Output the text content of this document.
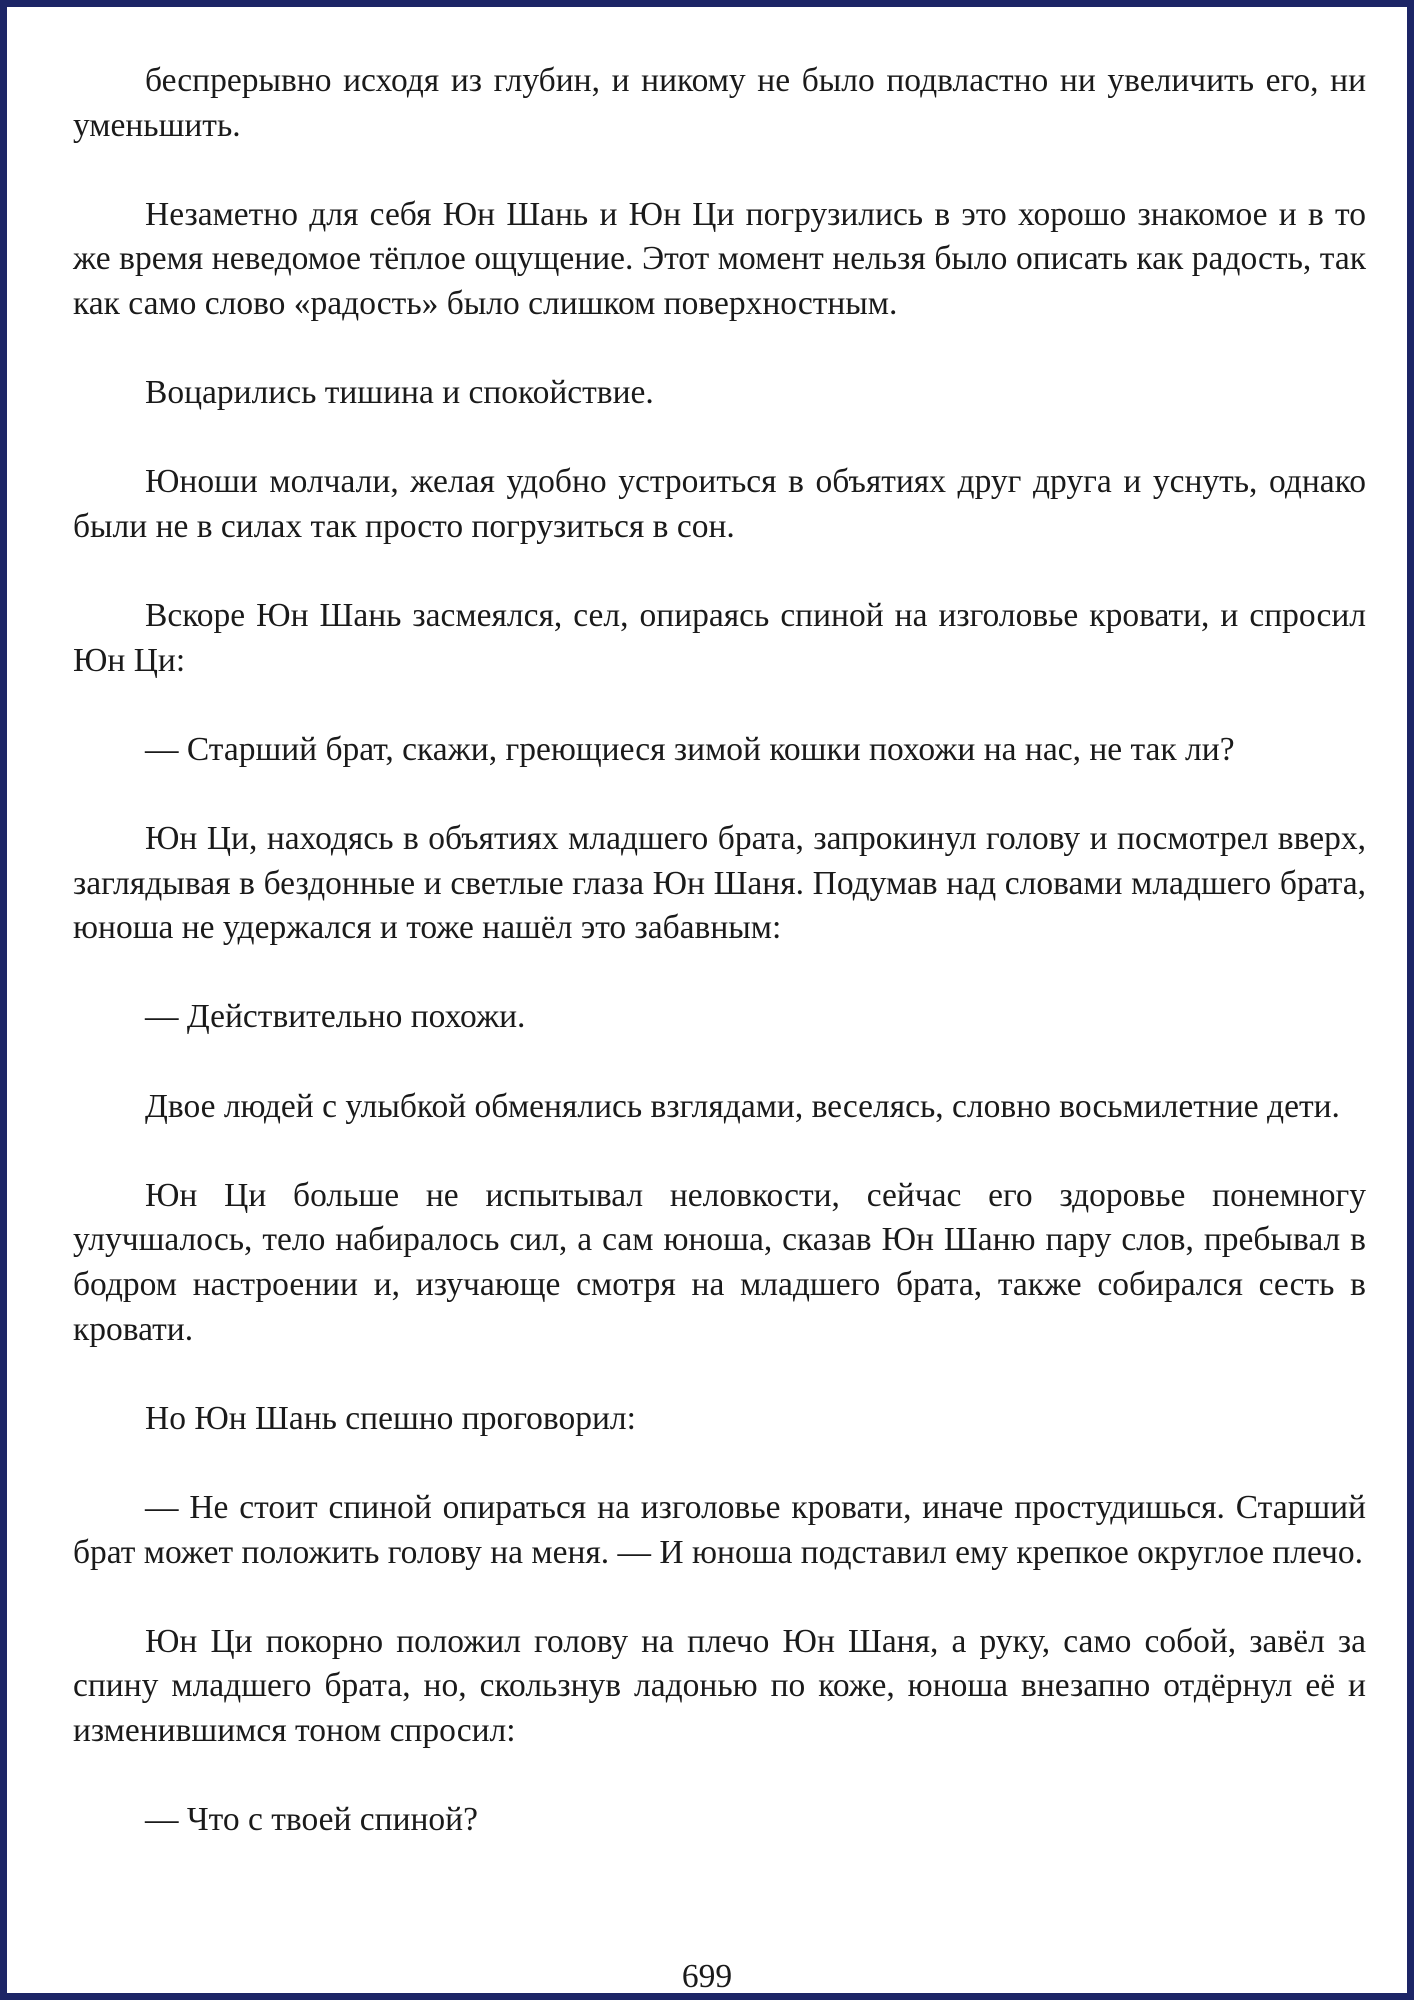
беспрерывно исходя из глубин, и никому не было подвластно ни увеличить его, ни уменьшить.

Незаметно для себя Юн Шань и Юн Ци погрузились в это хорошо знакомое и в то же время неведомое тёплое ощущение. Этот момент нельзя было описать как радость, так как само слово «радость» было слишком поверхностным.

Воцарились тишина и спокойствие.

Юноши молчали, желая удобно устроиться в объятиях друг друга и уснуть, однако были не в силах так просто погрузиться в сон.

Вскоре Юн Шань засмеялся, сел, опираясь спиной на изголовье кровати, и спросил Юн Ци:

— Старший брат, скажи, греющиеся зимой кошки похожи на нас, не так ли?

Юн Ци, находясь в объятиях младшего брата, запрокинул голову и посмотрел вверх, заглядывая в бездонные и светлые глаза Юн Шаня. Подумав над словами младшего брата, юноша не удержался и тоже нашёл это забавным:

— Действительно похожи.

Двое людей с улыбкой обменялись взглядами, веселясь, словно восьмилетние дети.

Юн Ци больше не испытывал неловкости, сейчас его здоровье понемногу улучшалось, тело набиралось сил, а сам юноша, сказав Юн Шаню пару слов, пребывал в бодром настроении и, изучающе смотря на младшего брата, также собирался сесть в кровати.

Но Юн Шань спешно проговорил:

— Не стоит спиной опираться на изголовье кровати, иначе простудишься. Старший брат может положить голову на меня. — И юноша подставил ему крепкое округлое плечо.

Юн Ци покорно положил голову на плечо Юн Шаня, а руку, само собой, завёл за спину младшего брата, но, скользнув ладонью по коже, юноша внезапно отдёрнул её и изменившимся тоном спросил:

— Что с твоей спиной?

699
